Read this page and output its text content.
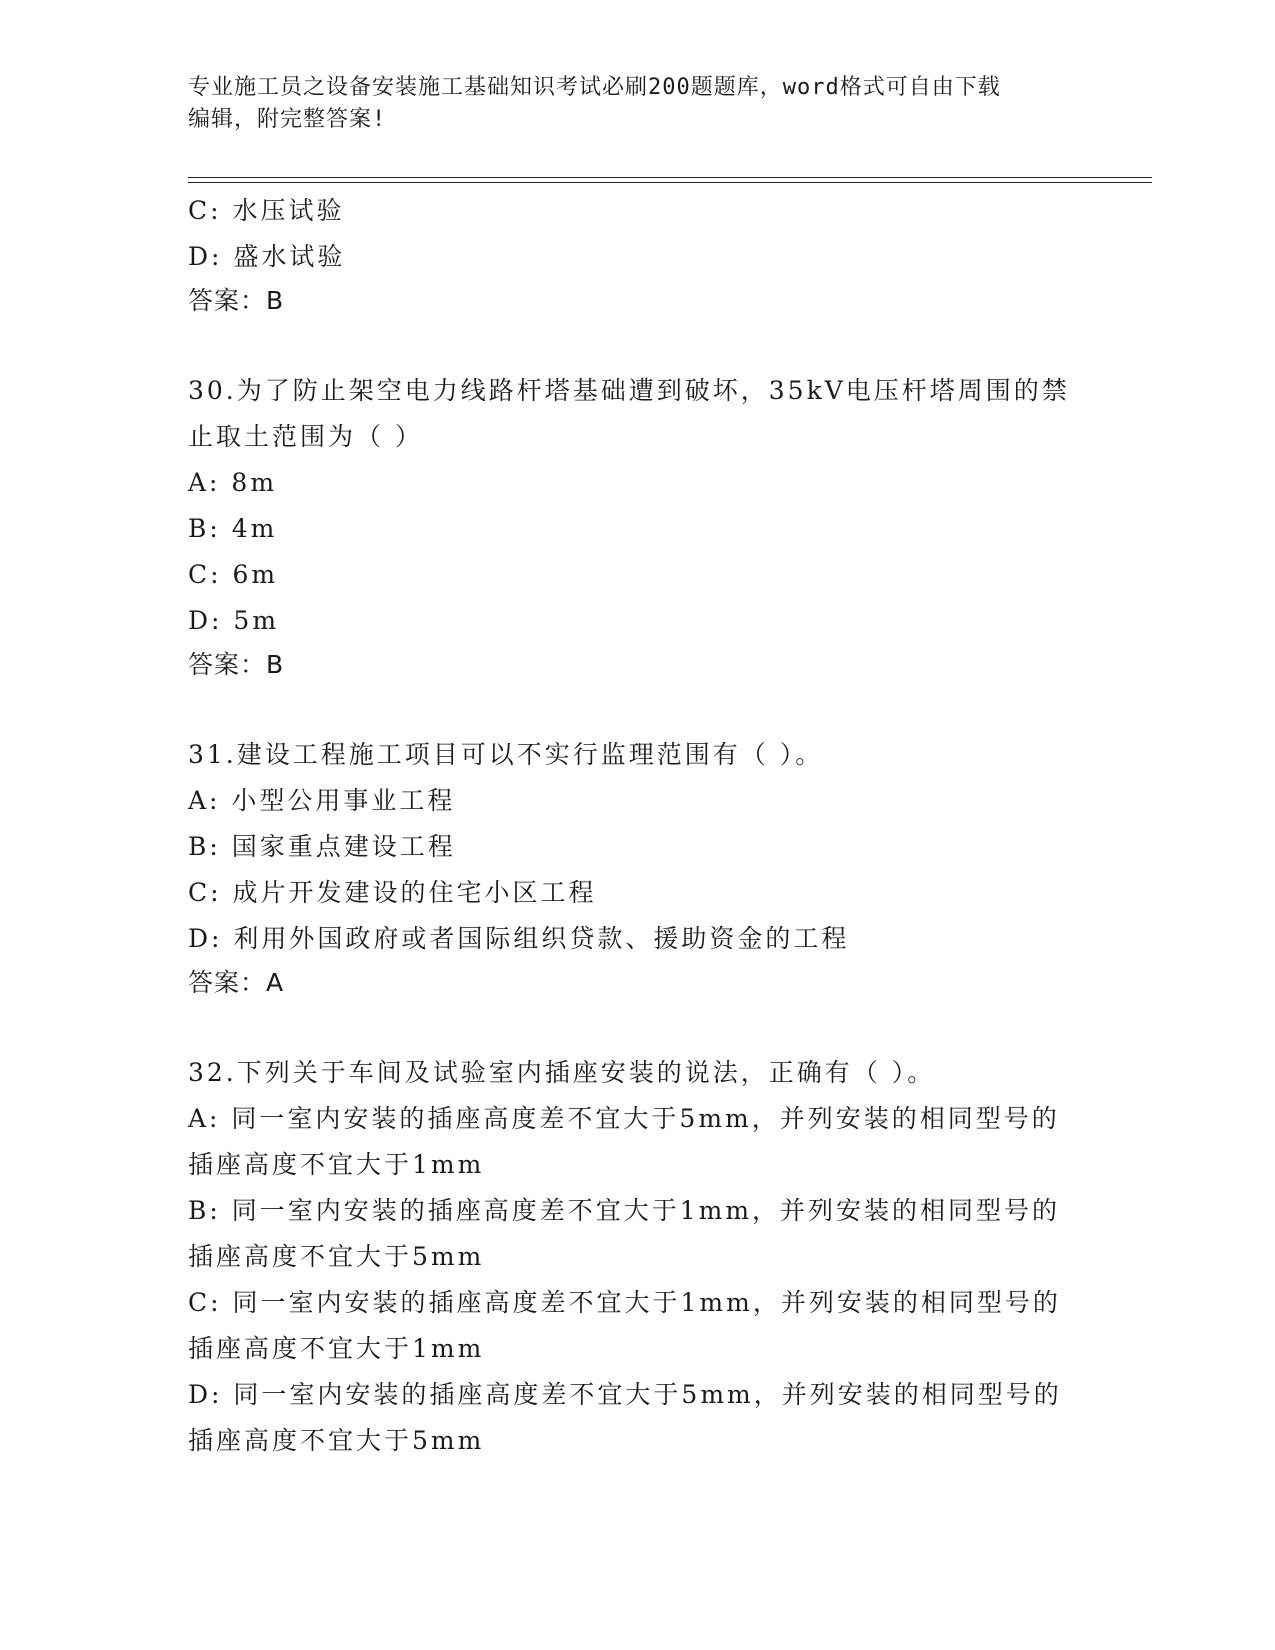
专业施工员之设备安装施工基础知识考试必刷200题题库，word格式可自由下载
编辑，附完整答案!
C: 水压试验
D: 盛水试验
答案：B
30.为了防止架空电力线路杆塔基础遭到破坏，35kV电压杆塔周围的禁
止取土范围为（ ）
A: 8m
B: 4m
C: 6m
D: 5m
答案：B
31.建设工程施工项目可以不实行监理范围有（ ）。
A: 小型公用事业工程
B: 国家重点建设工程
C: 成片开发建设的住宅小区工程
D: 利用外国政府或者国际组织贷款、援助资金的工程
答案：A
32.下列关于车间及试验室内插座安装的说法，正确有（ ）。
A: 同一室内安装的插座高度差不宜大于5mm，并列安装的相同型号的
插座高度不宜大于1mm
B: 同一室内安装的插座高度差不宜大于1mm，并列安装的相同型号的
插座高度不宜大于5mm
C: 同一室内安装的插座高度差不宜大于1mm，并列安装的相同型号的
插座高度不宜大于1mm
D: 同一室内安装的插座高度差不宜大于5mm，并列安装的相同型号的
插座高度不宜大于5mm
